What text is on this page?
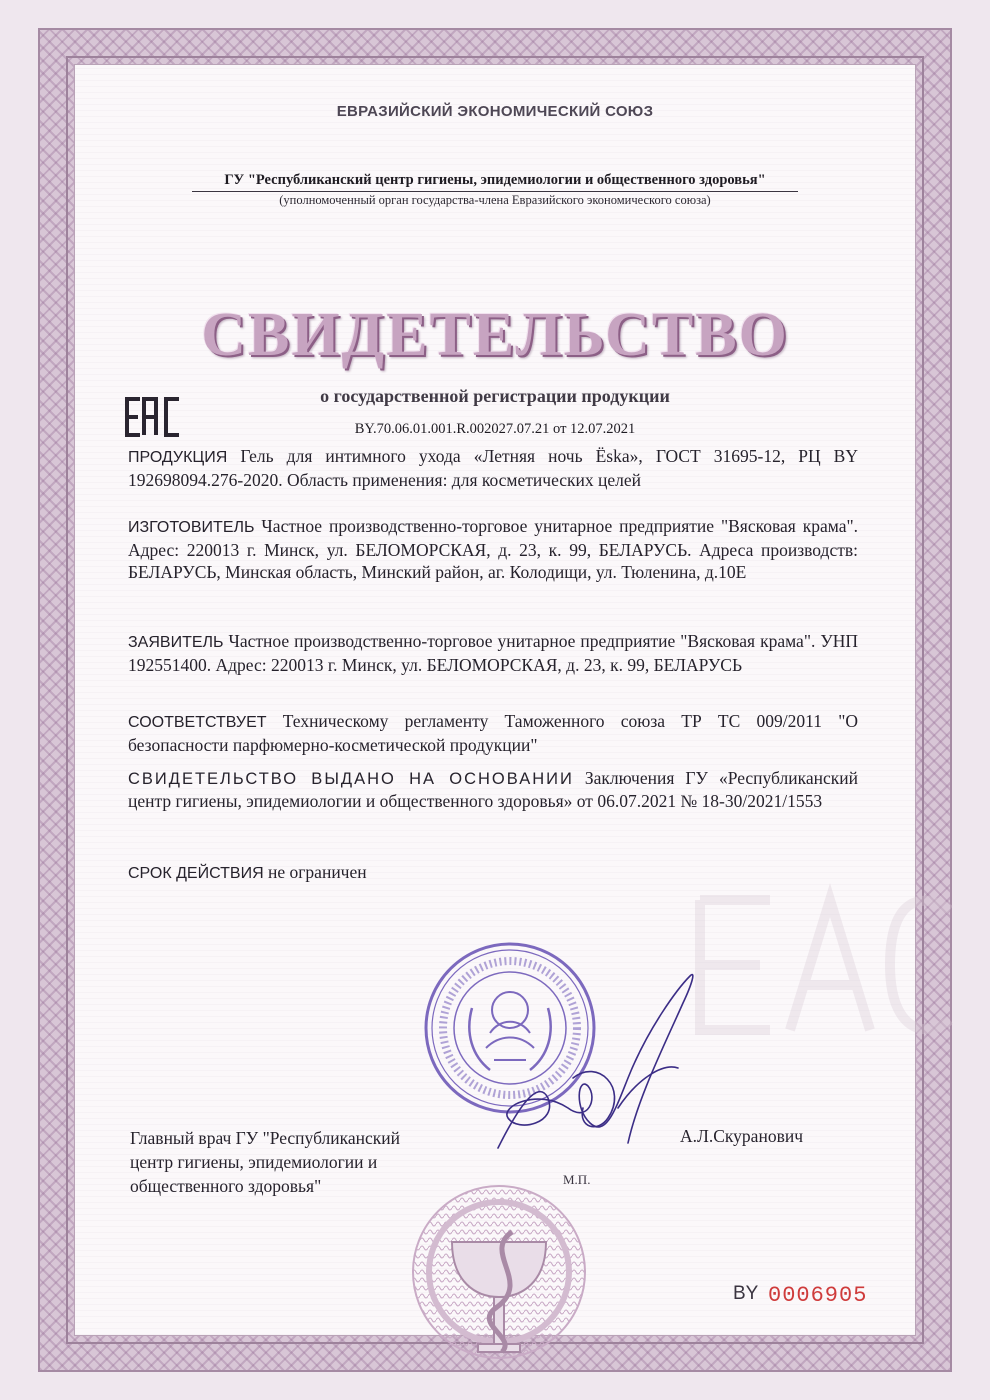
ЕВРАЗИЙСКИЙ ЭКОНОМИЧЕСКИЙ СОЮЗ
ГУ "Республиканский центр гигиены, эпидемиологии и общественного здоровья"
(уполномоченный орган государства-члена Евразийского экономического союза)
СВИДЕТЕЛЬСТВО
о государственной регистрации продукции
BY.70.06.01.001.R.002027.07.21 от 12.07.2021
ПРОДУКЦИЯ Гель для интимного ухода «Летняя ночь Ёska», ГОСТ 31695-12, РЦ BY 192698094.276-2020. Область применения: для косметических целей
ИЗГОТОВИТЕЛЬ Частное производственно-торговое унитарное предприятие "Вясковая крама". Адрес: 220013 г. Минск, ул. БЕЛОМОРСКАЯ, д. 23, к. 99, БЕЛАРУСЬ. Адреса производств: БЕЛАРУСЬ, Минская область, Минский район, аг. Колодищи, ул. Тюленина, д.10Е
ЗАЯВИТЕЛЬ Частное производственно-торговое унитарное предприятие "Вясковая крама". УНП 192551400. Адрес: 220013 г. Минск, ул. БЕЛОМОРСКАЯ, д. 23, к. 99, БЕЛАРУСЬ
СООТВЕТСТВУЕТ Техническому регламенту Таможенного союза ТР ТС 009/2011 "О безопасности парфюмерно-косметической продукции"
СВИДЕТЕЛЬСТВО ВЫДАНО НА ОСНОВАНИИ Заключения ГУ «Республиканский центр гигиены, эпидемиологии и общественного здоровья» от 06.07.2021 № 18-30/2021/1553
СРОК ДЕЙСТВИЯ не ограничен
Главный врач ГУ "Республиканский
центр гигиены, эпидемиологии и
общественного здоровья"
А.Л.Скуранович
М.П.
BY 0006905
